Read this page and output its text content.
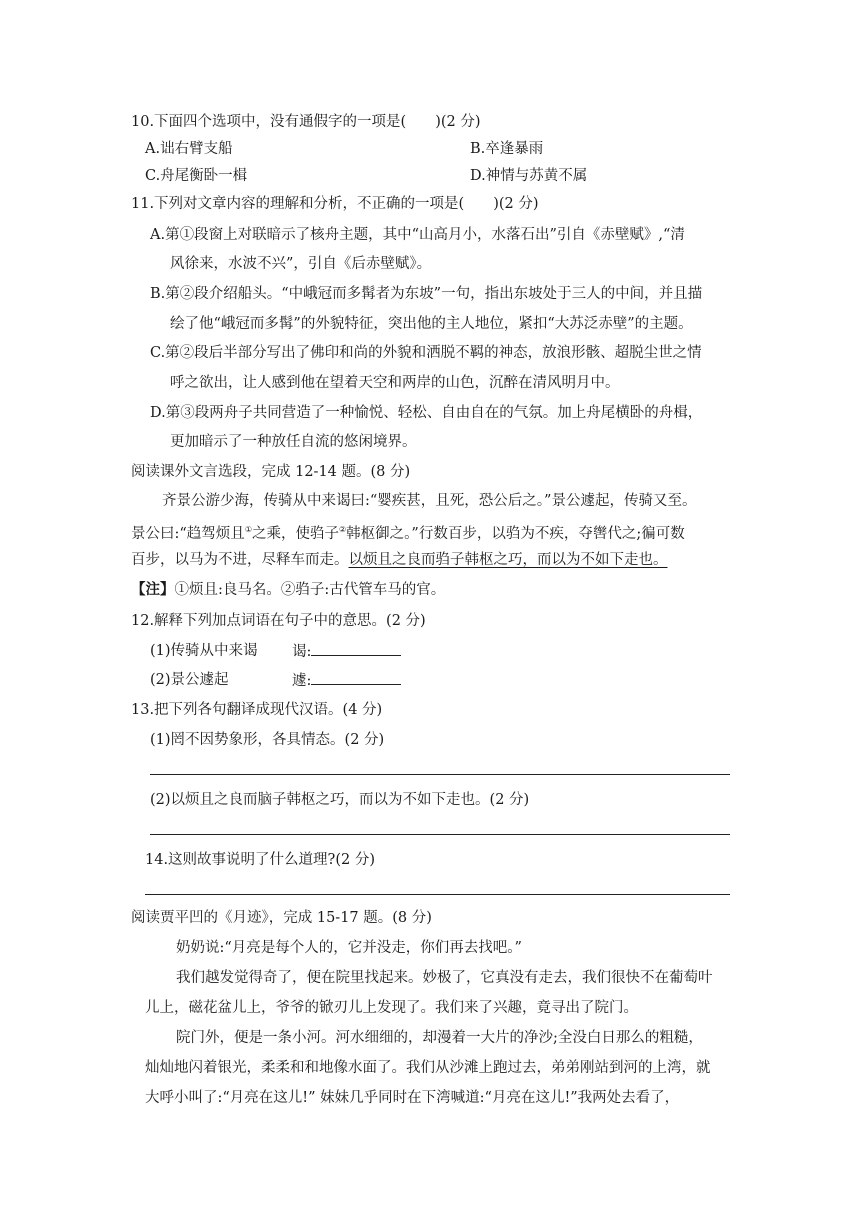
10.下面四个选项中，没有通假字的一项是(　　)(2 分)
A.诎右臂支船	B.卒逢暴雨
C.舟尾衡卧一楫	D.神情与苏黄不属
11.下列对文章内容的理解和分析，不正确的一项是(　　)(2 分)
A.第①段窗上对联暗示了核舟主题，其中“山高月小，水落石出”引自《赤壁赋》,“清
风徐来，水波不兴”，引自《后赤壁赋》。
B.第②段介绍船头。“中峨冠而多髯者为东坡”一句，指出东坡处于三人的中间，并且描
绘了他“峨冠而多髯”的外貌特征，突出他的主人地位，紧扣“大苏泛赤壁”的主题。
C.第②段后半部分写出了佛印和尚的外貌和洒脱不羁的神态，放浪形骸、超脱尘世之情
呼之欲出，让人感到他在望着天空和两岸的山色，沉醉在清风明月中。
D.第③段两舟子共同营造了一种愉悦、轻松、自由自在的气氛。加上舟尾横卧的舟楫，
更加暗示了一种放任自流的悠闲境界。
阅读课外文言选段，完成 12-14 题。(8 分)
齐景公游少海，传骑从中来谒曰:“婴疾甚，且死，恐公后之。”景公遽起，传骑又至。
景公曰:“趋驾烦且①之乘，使驺子②韩枢御之。”行数百步，以驺为不疾，夺辔代之;徧可数
百步，以马为不进，尽释车而走。以烦且之良而驺子韩枢之巧，而以为不如下走也。
【注】①烦且:良马名。②驺子:古代管车马的官。
12.解释下列加点词语在句子中的意思。(2 分)
(1)传骑从中来谒 谒:
(2)景公遽起	遽:
13.把下列各句翻译成现代汉语。(4 分)
(1)罔不因势象形，各具情态。(2 分)
(2)以烦且之良而脑子韩枢之巧，而以为不如下走也。(2 分)
14.这则故事说明了什么道理?(2 分)
阅读贾平凹的《月迹》，完成 15-17 题。(8 分)
奶奶说:“月亮是每个人的，它并没走，你们再去找吧。”
我们越发觉得奇了，便在院里找起来。妙极了，它真没有走去，我们很快不在葡萄叶
儿上，磁花盆儿上，爷爷的锨刃儿上发现了。我们来了兴趣，竟寻出了院门。
院门外，便是一条小河。河水细细的，却漫着一大片的净沙;全没白日那么的粗糙，
灿灿地闪着银光，柔柔和和地像水面了。我们从沙滩上跑过去，弟弟刚站到河的上湾，就
大呼小叫了:“月亮在这儿!” 妹妹几乎同时在下湾喊道:“月亮在这儿!”我两处去看了，
